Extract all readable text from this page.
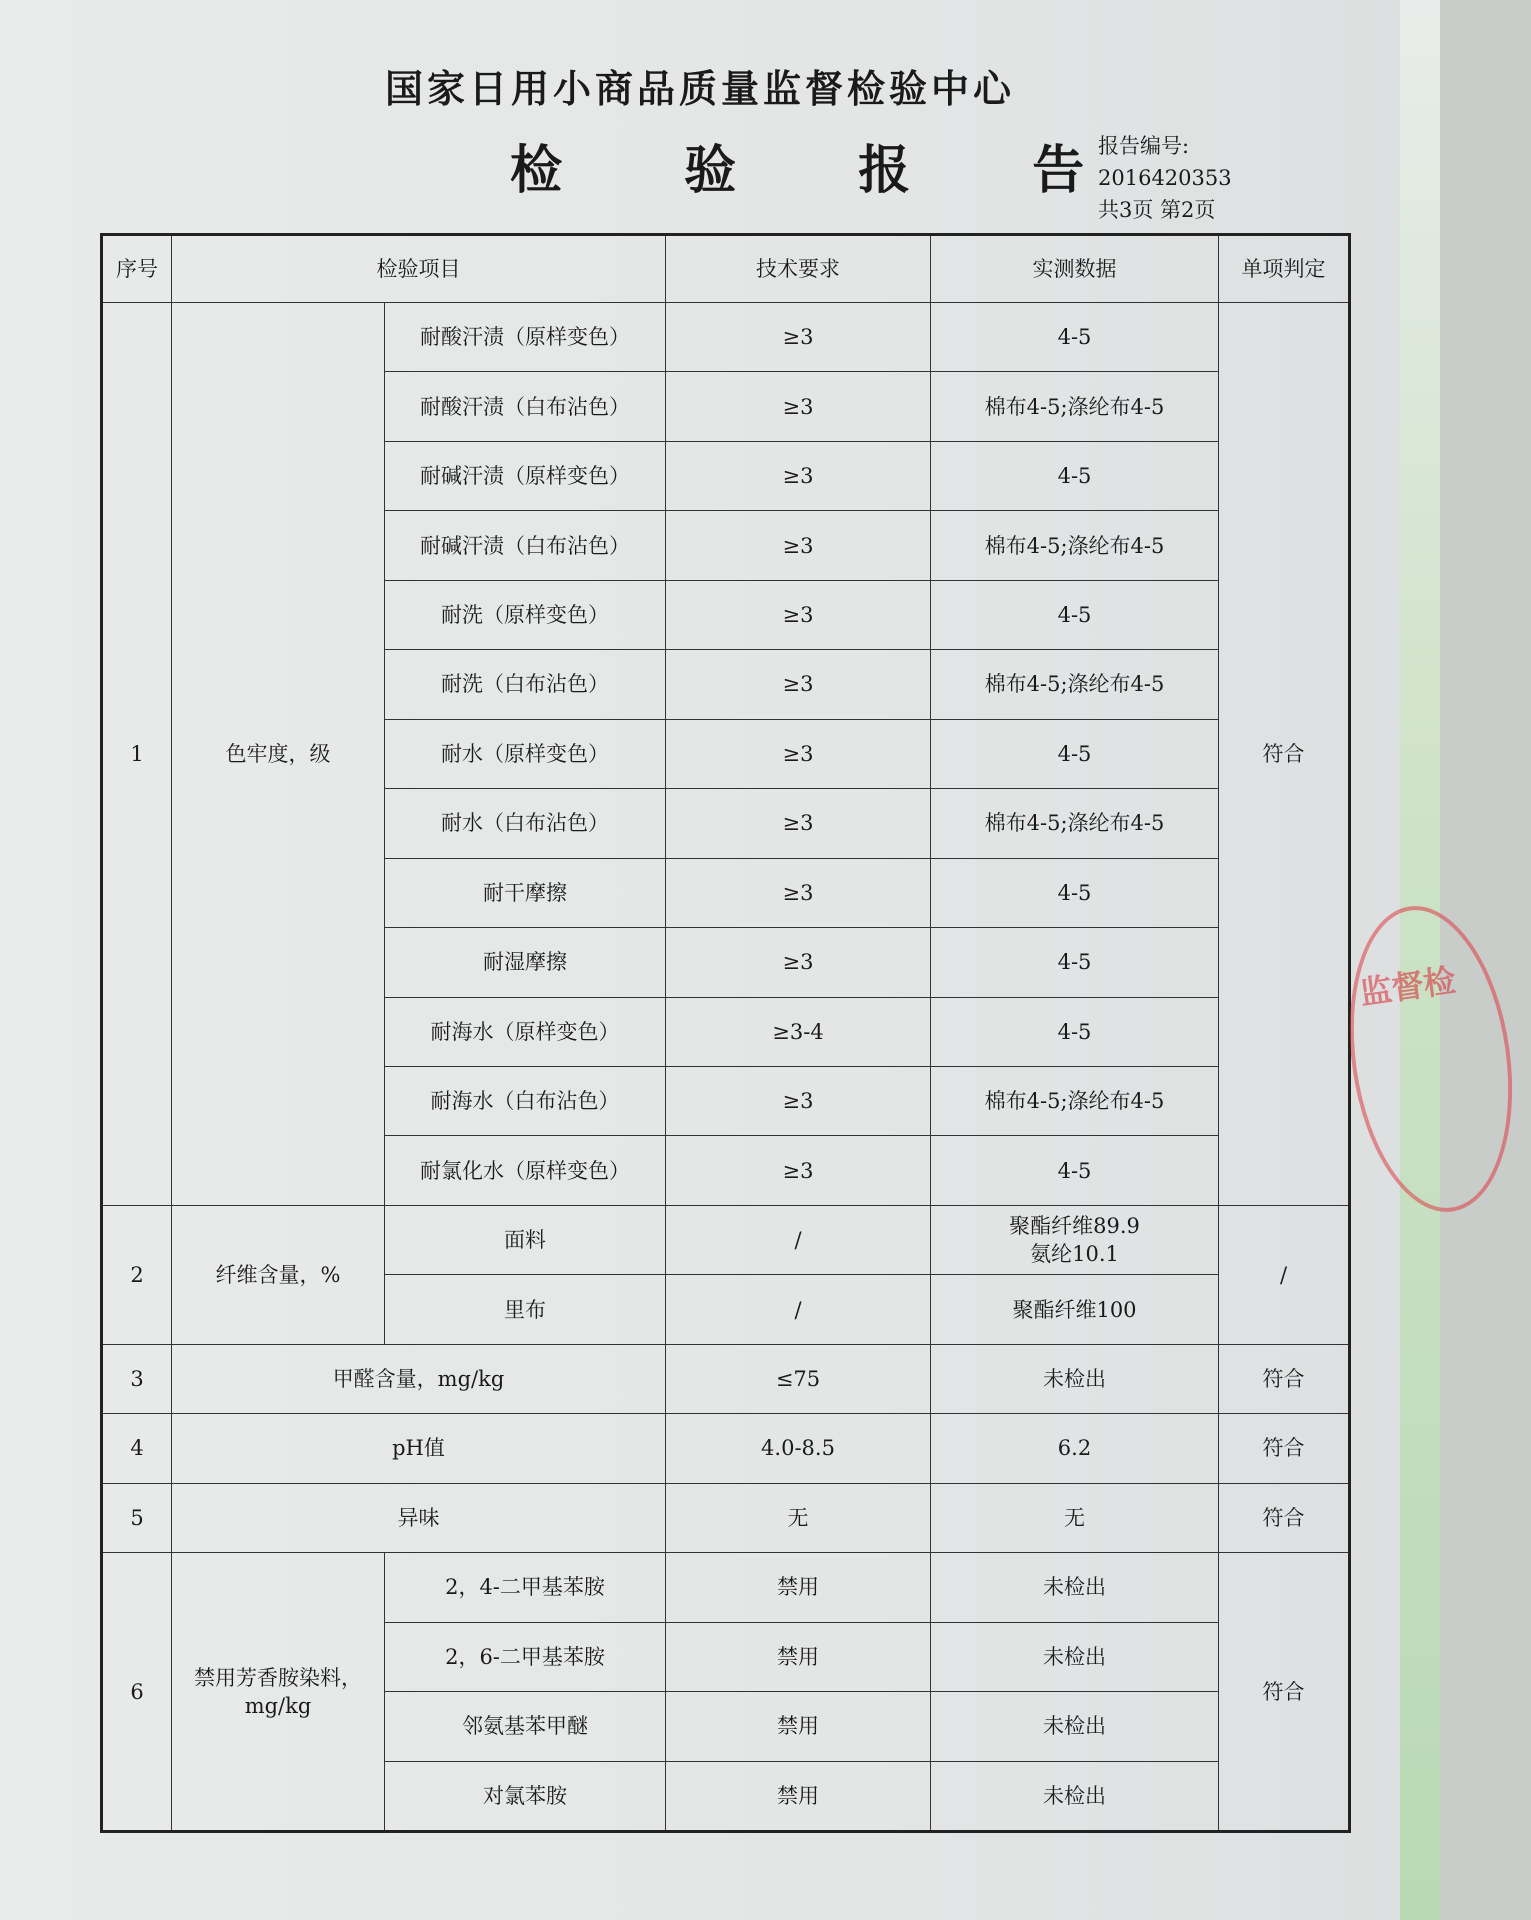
国家日用小商品质量监督检验中心
检 验 报 告
报告编号:
2016420353
共3页 第2页
序号	检验项目		技术要求	实测数据	单项判定
1	色牢度，级	耐酸汗渍（原样变色）	≥3	4-5	符合
		耐酸汗渍（白布沾色）	≥3	棉布4-5;涤纶布4-5	
		耐碱汗渍（原样变色）	≥3	4-5	
		耐碱汗渍（白布沾色）	≥3	棉布4-5;涤纶布4-5	
		耐洗（原样变色）	≥3	4-5	
		耐洗（白布沾色）	≥3	棉布4-5;涤纶布4-5	
		耐水（原样变色）	≥3	4-5	
		耐水（白布沾色）	≥3	棉布4-5;涤纶布4-5	
		耐干摩擦	≥3	4-5	
		耐湿摩擦	≥3	4-5	
		耐海水（原样变色）	≥3-4	4-5	
		耐海水（白布沾色）	≥3	棉布4-5;涤纶布4-5	
		耐氯化水（原样变色）	≥3	4-5	
2	纤维含量，%	面料	/	聚酯纤维89.9
氨纶10.1	/
		里布	/	聚酯纤维100	
3	甲醛含量，mg/kg		≤75	未检出	符合
4	pH值		4.0-8.5	6.2	符合
5	异味		无	无	符合
6	禁用芳香胺染料，
mg/kg	2，4-二甲基苯胺	禁用	未检出	符合
		2，6-二甲基苯胺	禁用	未检出	
		邻氨基苯甲醚	禁用	未检出	
		对氯苯胺	禁用	未检出	
监督检
